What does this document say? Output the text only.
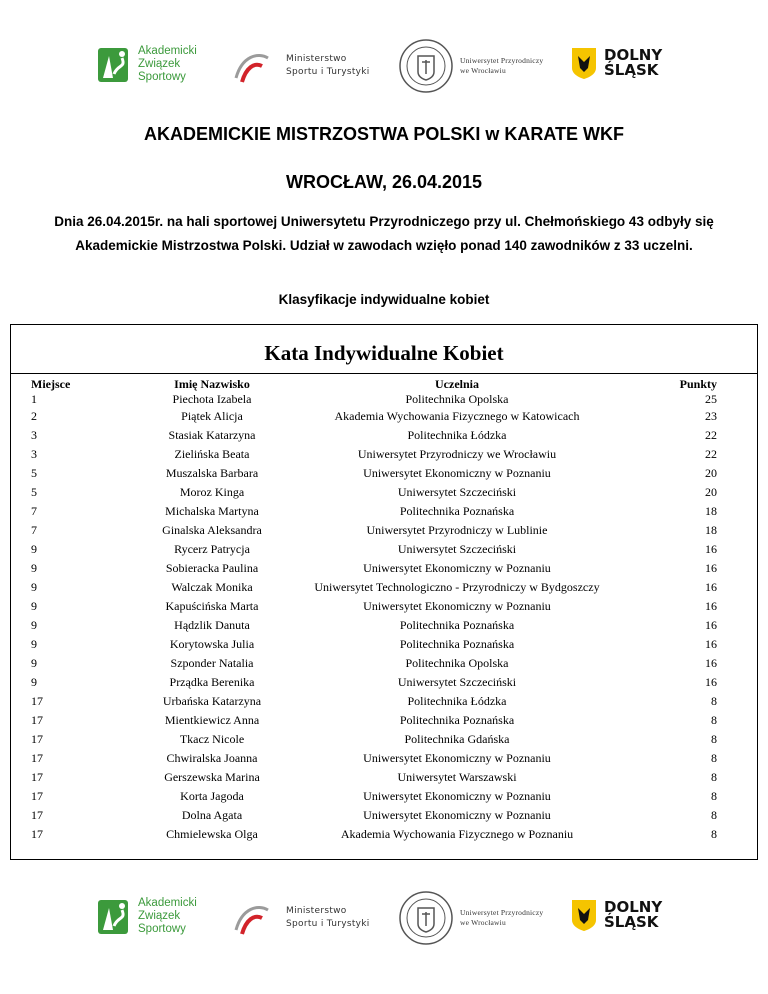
Akademicki
Związek
Sportowy
Ministerstwo
Sportu i Turystyki
Uniwersytet Przyrodniczy
we Wrocławiu
DOLNY
ŚLĄSK
AKADEMICKIE MISTRZOSTWA POLSKI w KARATE WKF
WROCŁAW, 26.04.2015
Dnia 26.04.2015r. na hali sportowej Uniwersytetu Przyrodniczego przy ul. Chełmońskiego 43 odbyły się
Akademickie Mistrzostwa Polski. Udział w zawodach wzięło ponad 140 zawodników z 33 uczelni.
Klasyfikacje indywidualne kobiet
Kata Indywidualne Kobiet
Miejsce	Imię Nazwisko	Uczelnia	Punkty
1	Piechota Izabela	Politechnika Opolska	25
2	Piątek Alicja	Akademia Wychowania Fizycznego w Katowicach	23
3	Stasiak Katarzyna	Politechnika Łódzka	22
3	Zielińska Beata	Uniwersytet Przyrodniczy we Wrocławiu	22
5	Muszalska Barbara	Uniwersytet Ekonomiczny w Poznaniu	20
5	Moroz Kinga	Uniwersytet Szczeciński	20
7	Michalska Martyna	Politechnika Poznańska	18
7	Ginalska Aleksandra	Uniwersytet Przyrodniczy w Lublinie	18
9	Rycerz Patrycja	Uniwersytet Szczeciński	16
9	Sobieracka Paulina	Uniwersytet Ekonomiczny w Poznaniu	16
9	Walczak Monika	Uniwersytet Technologiczno - Przyrodniczy w Bydgoszczy	16
9	Kapuścińska Marta	Uniwersytet Ekonomiczny w Poznaniu	16
9	Hądzlik Danuta	Politechnika Poznańska	16
9	Korytowska Julia	Politechnika Poznańska	16
9	Szponder Natalia	Politechnika Opolska	16
9	Prządka Berenika	Uniwersytet Szczeciński	16
17	Urbańska Katarzyna	Politechnika Łódzka	8
17	Mientkiewicz Anna	Politechnika Poznańska	8
17	Tkacz Nicole	Politechnika Gdańska	8
17	Chwiralska Joanna	Uniwersytet Ekonomiczny w Poznaniu	8
17	Gerszewska Marina	Uniwersytet Warszawski	8
17	Korta Jagoda	Uniwersytet Ekonomiczny w Poznaniu	8
17	Dolna Agata	Uniwersytet Ekonomiczny w Poznaniu	8
17	Chmielewska Olga	Akademia Wychowania Fizycznego w Poznaniu	8
Akademicki
Związek
Sportowy
Ministerstwo
Sportu i Turystyki
Uniwersytet Przyrodniczy
we Wrocławiu
DOLNY
ŚLĄSK
